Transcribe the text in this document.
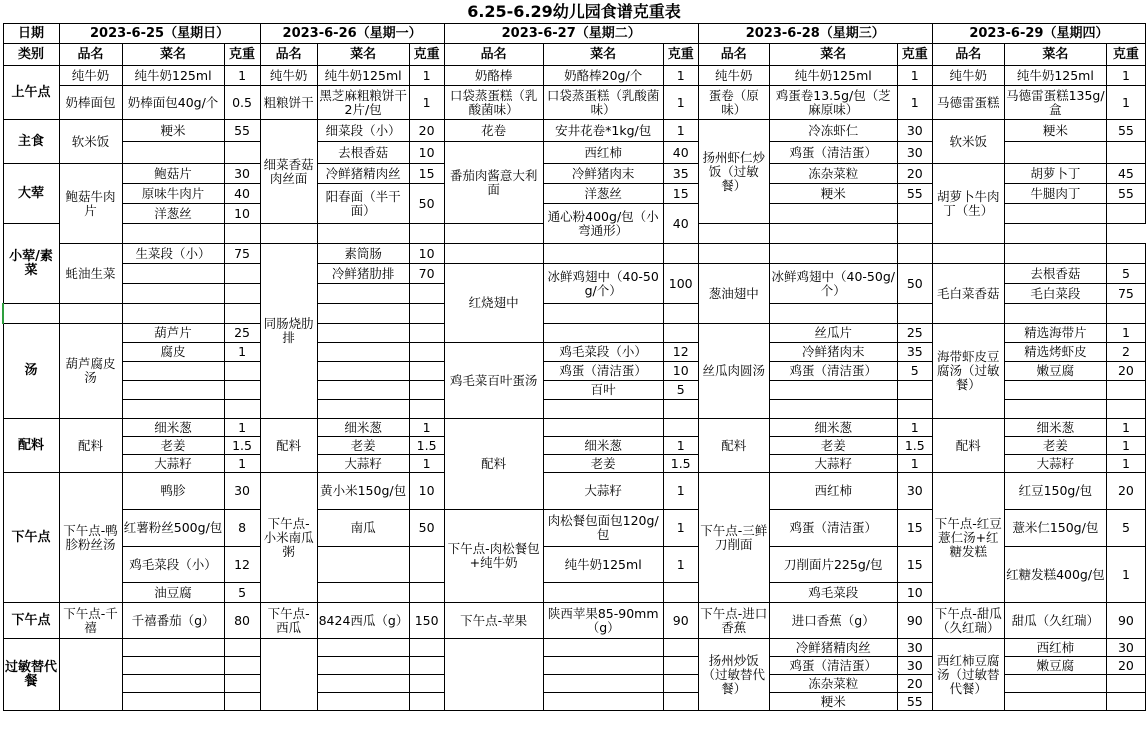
6.25-6.29幼儿园食谱克重表
日期	2023-6-25（星期日）			2023-6-26（星期一）			2023-6-27（星期二）			2023-6-28（星期三）			2023-6-29（星期四）		
类别	品名	菜名	克重	品名	菜名	克重	品名	菜名	克重	品名	菜名	克重	品名	菜名	克重
上午点	纯牛奶	纯牛奶125ml	1	纯牛奶	纯牛奶125ml	1	奶酪棒	奶酪棒20g/个	1	纯牛奶	纯牛奶125ml	1	纯牛奶	纯牛奶125ml	1
	奶棒面包	奶棒面包40g/个	0.5	粗粮饼干	黑芝麻粗粮饼干2片/包	1	口袋蒸蛋糕（乳酸菌味）	口袋蒸蛋糕（乳酸菌味）	1	蛋卷（原味）	鸡蛋卷13.5g/包（芝麻原味）	1	马德雷蛋糕	马德雷蛋糕135g/盒	1
主食	软米饭	粳米	55	细菜香菇肉丝面	细菜段（小）	20	花卷	安井花卷*1kg/包	1	扬州虾仁炒饭（过敏餐）	冷冻虾仁	30	软米饭	粳米	55
					去根香菇	10	番茄肉酱意大利面	西红柿	40		鸡蛋（清洁蛋）	30			
大荤	鲍菇牛肉片	鲍菇片	30		冷鲜猪精肉丝	15		冷鲜猪肉末	35		冻杂菜粒	20	胡萝卜牛肉丁（生）	胡萝卜丁	45
		原味牛肉片	40		阳春面（半干面）	50		洋葱丝	15		粳米	55		牛腿肉丁	55
		洋葱丝	10					通心粉400g/包（小弯通形）	40						
小荤/素菜															
	蚝油生菜	生菜段（小）	75	同肠烧肋排	素筒肠	10									
					冷鲜猪肋排	70	红烧翅中	冰鲜鸡翅中（40-50g/个）	100	葱油翅中	冰鲜鸡翅中（40-50g/个）	50	毛白菜香菇	去根香菇	5
														毛白菜段	75

汤	葫芦腐皮汤	葫芦片	25							丝瓜肉圆汤	丝瓜片	25	海带虾皮豆腐汤（过敏餐）	精选海带片	1
		腐皮	1				鸡毛菜百叶蛋汤	鸡毛菜段（小）	12		冷鲜猪肉末	35		精选烤虾皮	2
								鸡蛋（清洁蛋）	10		鸡蛋（清洁蛋）	5		嫩豆腐	20
								百叶	5						

配料	配料	细米葱	1	配料	细米葱	1	配料			配料	细米葱	1	配料	细米葱	1
		老姜	1.5		老姜	1.5		细米葱	1		老姜	1.5		老姜	1
		大蒜籽	1		大蒜籽	1		老姜	1.5		大蒜籽	1		大蒜籽	1
下午点	下午点-鸭胗粉丝汤	鸭胗	30	下午点-小米南瓜粥	黄小米150g/包	10		大蒜籽	1	下午点-三鲜刀削面	西红柿	30	下午点-红豆薏仁汤+红糖发糕	红豆150g/包	20
		红薯粉丝500g/包	8		南瓜	50	下午点-肉松餐包+纯牛奶	肉松餐包面包120g/包	1		鸡蛋（清洁蛋）	15		薏米仁150g/包	5
		鸡毛菜段（小）	12					纯牛奶125ml	1		刀削面片225g/包	15		红糖发糕400g/包	1
		油豆腐	5								鸡毛菜段	10			
下午点	下午点-千禧	千禧番茄（g）	80	下午点-西瓜	8424西瓜（g）	150	下午点-苹果	陕西苹果85-90mm（g）	90	下午点-进口香蕉	进口香蕉（g）	90	下午点-甜瓜（久红瑞）	甜瓜（久红瑞）	90
过敏替代餐										扬州炒饭（过敏替代餐）	冷鲜猪精肉丝	30	西红柿豆腐汤（过敏替代餐）	西红柿	30
											鸡蛋（清洁蛋）	30		嫩豆腐	20
											冻杂菜粒	20			
											粳米	55			
